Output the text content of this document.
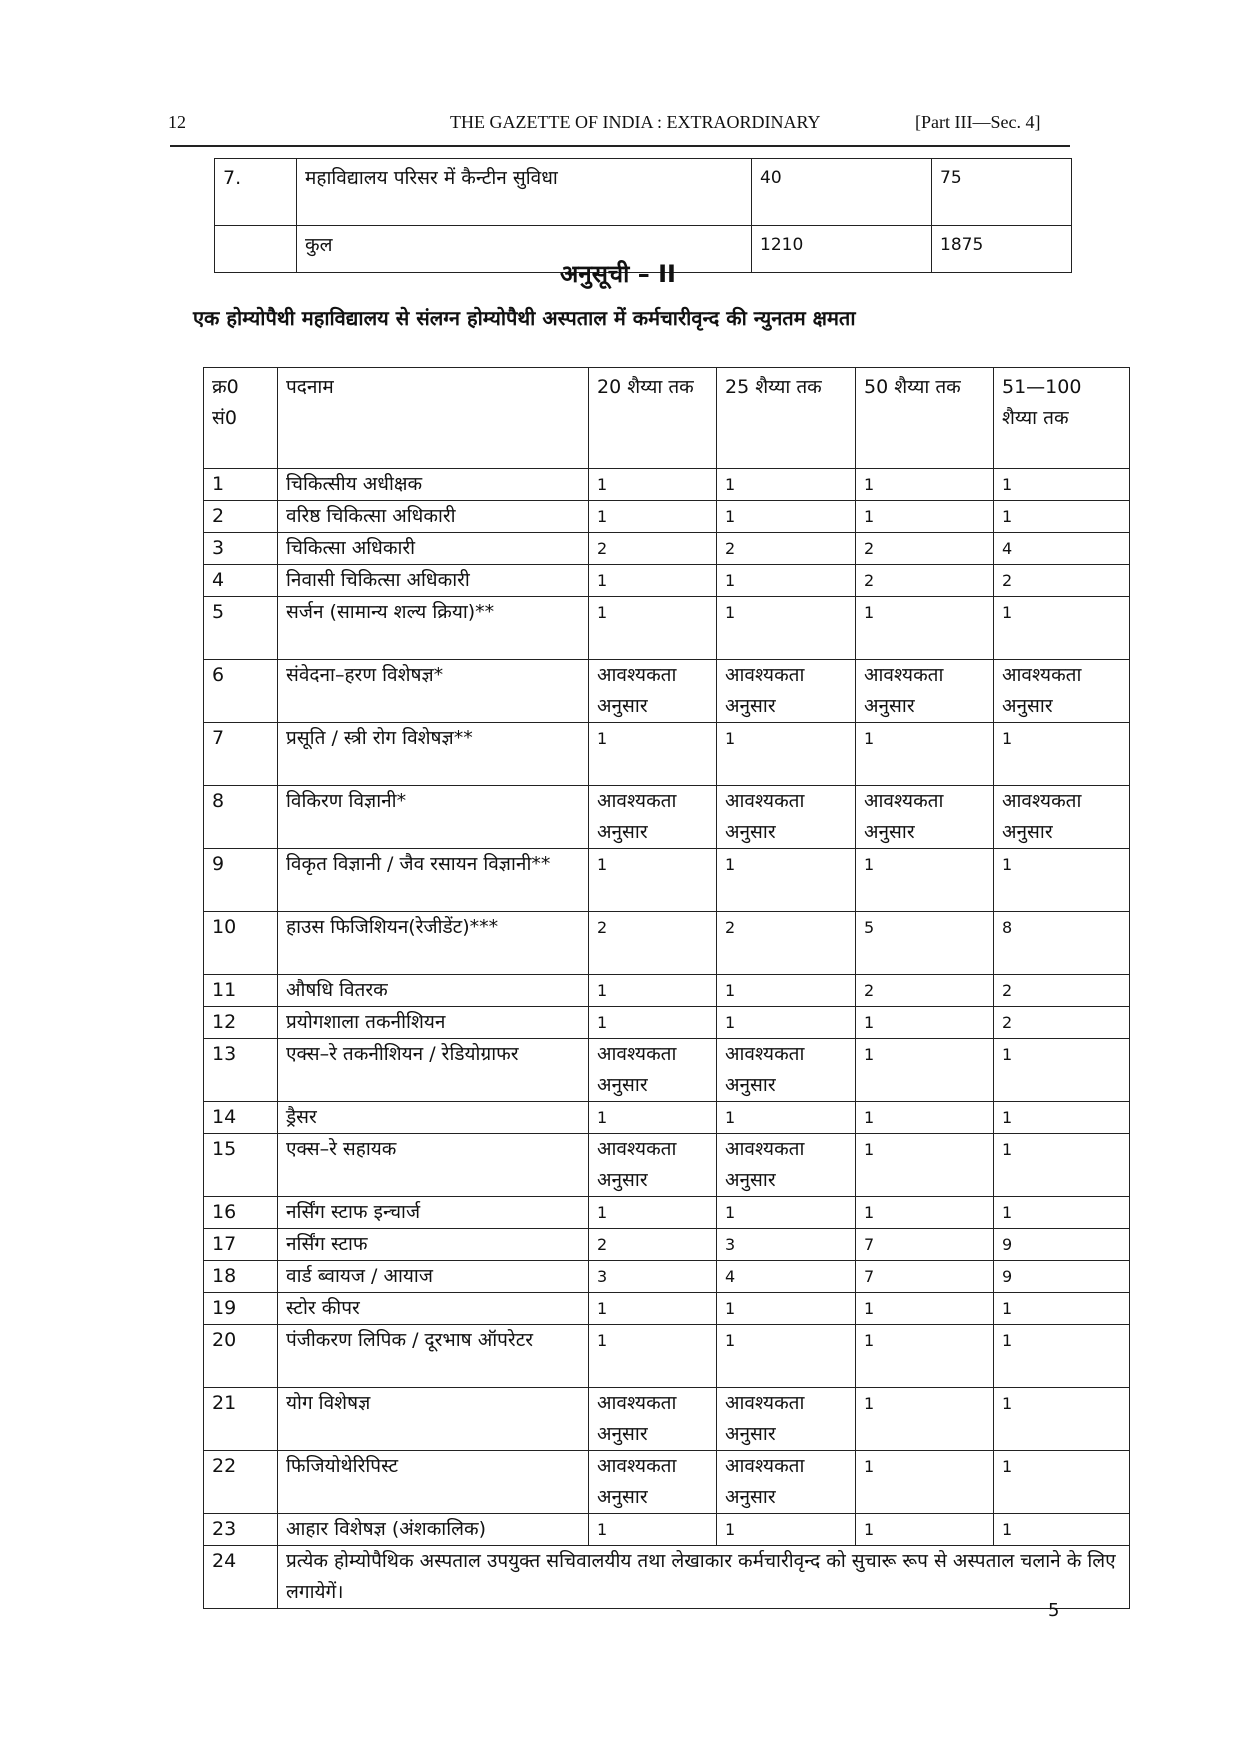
12	THE GAZETTE OF INDIA : EXTRAORDINARY	[Part III—Sec. 4]
7.	महाविद्यालय परिसर में कैन्टीन सुविधा	40	75
	कुल	1210	1875
अनुसूची – II
एक होम्योपैथी महाविद्यालय से संलग्न होम्योपैथी अस्पताल में कर्मचारीवृन्द की न्युनतम क्षमता
क्र0 सं0	पदनाम	20 शैय्या तक	25 शैय्या तक	50 शैय्या तक	51—100 शैय्या तक
1	चिकित्सीय अधीक्षक	1	1	1	1
2	वरिष्ठ चिकित्सा अधिकारी	1	1	1	1
3	चिकित्सा अधिकारी	2	2	2	4
4	निवासी चिकित्सा अधिकारी	1	1	2	2
5	सर्जन (सामान्य शल्य क्रिया)**	1	1	1	1
6	संवेदना–हरण विशेषज्ञ*	आवश्यकता अनुसार	आवश्यकता अनुसार	आवश्यकता अनुसार	आवश्यकता अनुसार
7	प्रसूति / स्त्री रोग विशेषज्ञ**	1	1	1	1
8	विकिरण विज्ञानी*	आवश्यकता अनुसार	आवश्यकता अनुसार	आवश्यकता अनुसार	आवश्यकता अनुसार
9	विकृत विज्ञानी / जैव रसायन विज्ञानी**	1	1	1	1
10	हाउस फिजिशियन(रेजीडेंट)***	2	2	5	8
11	औषधि वितरक	1	1	2	2
12	प्रयोगशाला तकनीशियन	1	1	1	2
13	एक्स–रे तकनीशियन / रेडियोग्राफर	आवश्यकता अनुसार	आवश्यकता अनुसार	1	1
14	ड्रैसर	1	1	1	1
15	एक्स–रे सहायक	आवश्यकता अनुसार	आवश्यकता अनुसार	1	1
16	नर्सिंग स्टाफ इन्चार्ज	1	1	1	1
17	नर्सिंग स्टाफ	2	3	7	9
18	वार्ड ब्वायज / आयाज	3	4	7	9
19	स्टोर कीपर	1	1	1	1
20	पंजीकरण लिपिक / दूरभाष ऑपरेटर	1	1	1	1
21	योग विशेषज्ञ	आवश्यकता अनुसार	आवश्यकता अनुसार	1	1
22	फिजियोथेरिपिस्ट	आवश्यकता अनुसार	आवश्यकता अनुसार	1	1
23	आहार विशेषज्ञ (अंशकालिक)	1	1	1	1
24	प्रत्येक होम्योपैथिक अस्पताल उपयुक्त सचिवालयीय तथा लेखाकार कर्मचारीवृन्द को सुचारू रूप से अस्पताल चलाने के लिए लगायेगें।				
5
